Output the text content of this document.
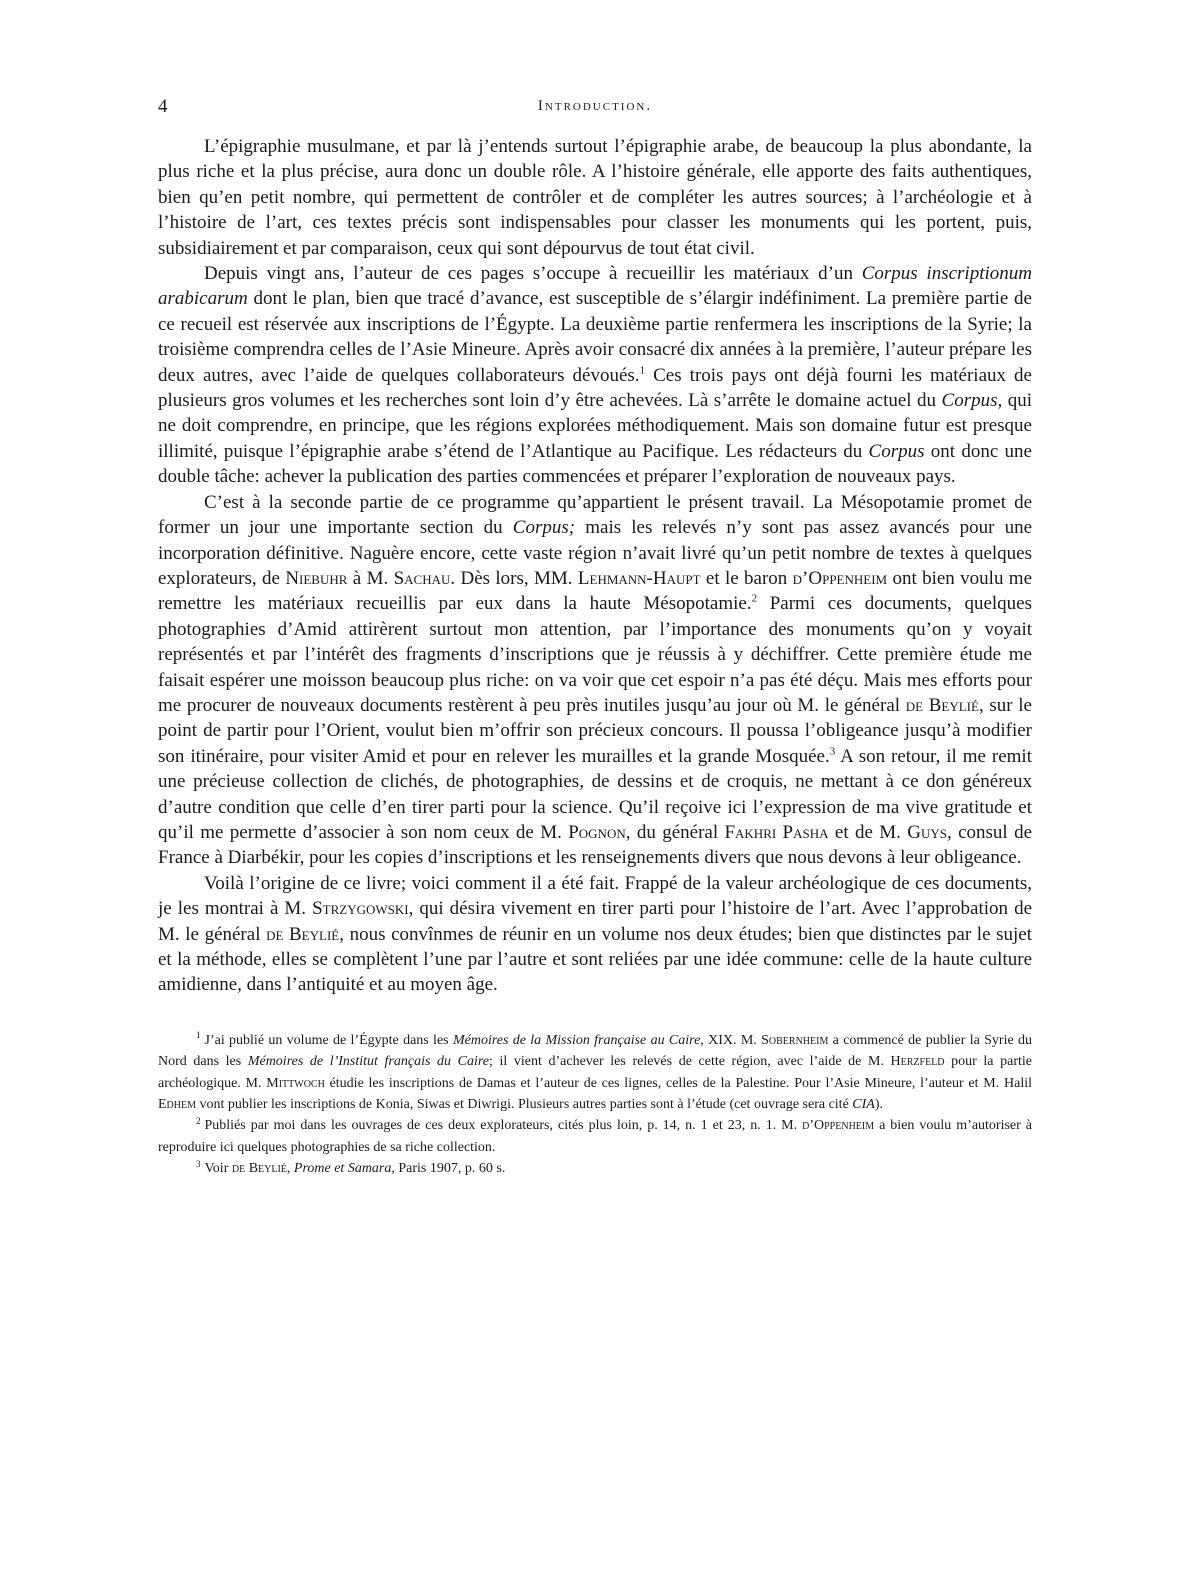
4	Introduction.

L’épigraphie musulmane, et par là j’entends surtout l’épigraphie arabe, de beaucoup la plus abondante, la plus riche et la plus précise, aura donc un double rôle. A l’histoire générale, elle apporte des faits authentiques, bien qu’en petit nombre, qui permettent de contrôler et de compléter les autres sources; à l’archéologie et à l’histoire de l’art, ces textes précis sont indispensables pour classer les monuments qui les portent, puis, subsidiairement et par comparaison, ceux qui sont dépourvus de tout état civil.

Depuis vingt ans, l’auteur de ces pages s’occupe à recueillir les matériaux d’un Corpus inscriptionum arabicarum dont le plan, bien que tracé d’avance, est susceptible de s’élargir indéfiniment. La première partie de ce recueil est réservée aux inscriptions de l’Égypte. La deuxième partie renfermera les inscriptions de la Syrie; la troisième comprendra celles de l’Asie Mineure. Après avoir consacré dix années à la première, l’auteur prépare les deux autres, avec l’aide de quelques collaborateurs dévoués.$^1$ Ces trois pays ont déjà fourni les matériaux de plusieurs gros volumes et les recherches sont loin d’y être achevées. Là s’arrête le domaine actuel du Corpus, qui ne doit comprendre, en principe, que les régions explorées méthodiquement. Mais son domaine futur est presque illimité, puisque l’épigraphie arabe s’étend de l’Atlantique au Pacifique. Les rédacteurs du Corpus ont donc une double tâche: achever la publication des parties commencées et préparer l’exploration de nouveaux pays.

C’est à la seconde partie de ce programme qu’appartient le présent travail. La Mésopotamie promet de former un jour une importante section du Corpus; mais les relevés n’y sont pas assez avancés pour une incorporation définitive. Naguère encore, cette vaste région n’avait livré qu’un petit nombre de textes à quelques explorateurs, de Niebuhr à M. Sachau. Dès lors, MM. Lehmann-Haupt et le baron d’Oppenheim ont bien voulu me remettre les matériaux recueillis par eux dans la haute Mésopotamie.$^2$ Parmi ces documents, quelques photographies d’Amid attirèrent surtout mon attention, par l’importance des monuments qu’on y voyait représentés et par l’intérêt des fragments d’inscriptions que je réussis à y déchiffrer. Cette première étude me faisait espérer une moisson beaucoup plus riche: on va voir que cet espoir n’a pas été déçu. Mais mes efforts pour me procurer de nouveaux documents restèrent à peu près inutiles jusqu’au jour où M. le général de Beylié, sur le point de partir pour l’Orient, voulut bien m’offrir son précieux concours. Il poussa l’obligeance jusqu’à modifier son itinéraire, pour visiter Amid et pour en relever les murailles et la grande Mosquée.$^3$ A son retour, il me remit une précieuse collection de clichés, de photographies, de dessins et de croquis, ne mettant à ce don généreux d’autre condition que celle d’en tirer parti pour la science. Qu’il reçoive ici l’expression de ma vive gratitude et qu’il me permette d’associer à son nom ceux de M. Pognon, du général Fakhri Pasha et de M. Guys, consul de France à Diarbékir, pour les copies d’inscriptions et les renseignements divers que nous devons à leur obligeance.

Voilà l’origine de ce livre; voici comment il a été fait. Frappé de la valeur archéologique de ces documents, je les montrai à M. Strzygowski, qui désira vivement en tirer parti pour l’histoire de l’art. Avec l’approbation de M. le général de Beylié, nous convînmes de réunir en un volume nos deux études; bien que distinctes par le sujet et la méthode, elles se complètent l’une par l’autre et sont reliées par une idée commune: celle de la haute culture amidienne, dans l’antiquité et au moyen âge.

$^1$ J’ai publié un volume de l’Égypte dans les Mémoires de la Mission française au Caire, XIX. M. Sobernheim a commencé de publier la Syrie du Nord dans les Mémoires de l’Institut français du Caire; il vient d’achever les relevés de cette région, avec l’aide de M. Herzfeld pour la partie archéologique. M. Mittwoch étudie les inscriptions de Damas et l’auteur de ces lignes, celles de la Palestine. Pour l’Asie Mineure, l’auteur et M. Halil Edhem vont publier les inscriptions de Konia, Siwas et Diwrigi. Plusieurs autres parties sont à l’étude (cet ouvrage sera cité CIA).

$^2$ Publiés par moi dans les ouvrages de ces deux explorateurs, cités plus loin, p. 14, n. 1 et 23, n. 1. M. d’Oppenheim a bien voulu m’autoriser à reproduire ici quelques photographies de sa riche collection.

$^3$ Voir de Beylié, Prome et Samara, Paris 1907, p. 60 s.
